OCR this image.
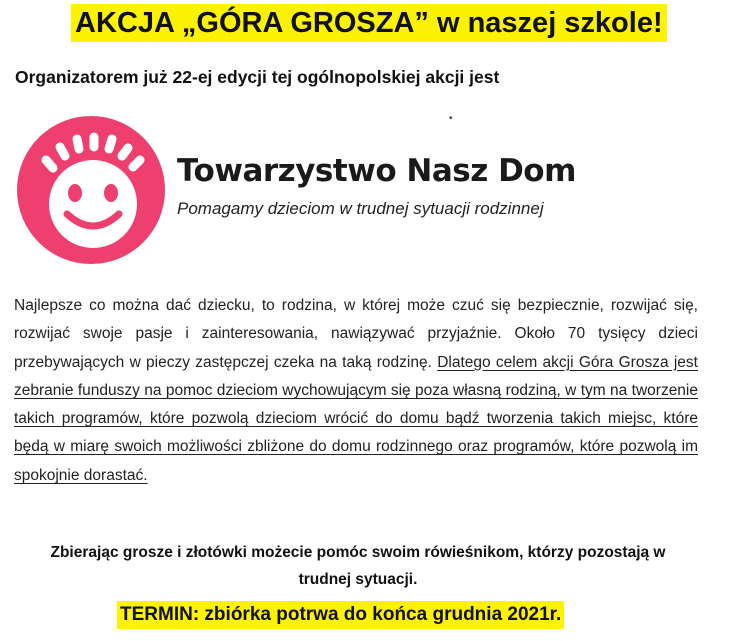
AKCJA „GÓRA GROSZA” w naszej szkole!
Organizatorem już 22-ej edycji tej ogólnopolskiej akcji jest
•
Towarzystwo Nasz Dom
Pomagamy dzieciom w trudnej sytuacji rodzinnej
Najlepsze co można dać dziecku, to rodzina, w której może czuć się bezpiecznie, rozwijać się, rozwijać swoje pasje i zainteresowania, nawiązywać przyjaźnie. Około 70 tysięcy dzieci przebywających w pieczy zastępczej czeka na taką rodzinę. Dlatego celem akcji Góra Grosza jest zebranie funduszy na pomoc dzieciom wychowującym się poza własną rodziną, w tym na tworzenie takich programów, które pozwolą dzieciom wrócić do domu bądź tworzenia takich miejsc, które będą w miarę swoich możliwości zbliżone do domu rodzinnego oraz programów, które pozwolą im spokojnie dorastać.
Zbierając grosze i złotówki możecie pomóc swoim rówieśnikom, którzy pozostają w trudnej sytuacji.
TERMIN: zbiórka potrwa do końca grudnia 2021r.
